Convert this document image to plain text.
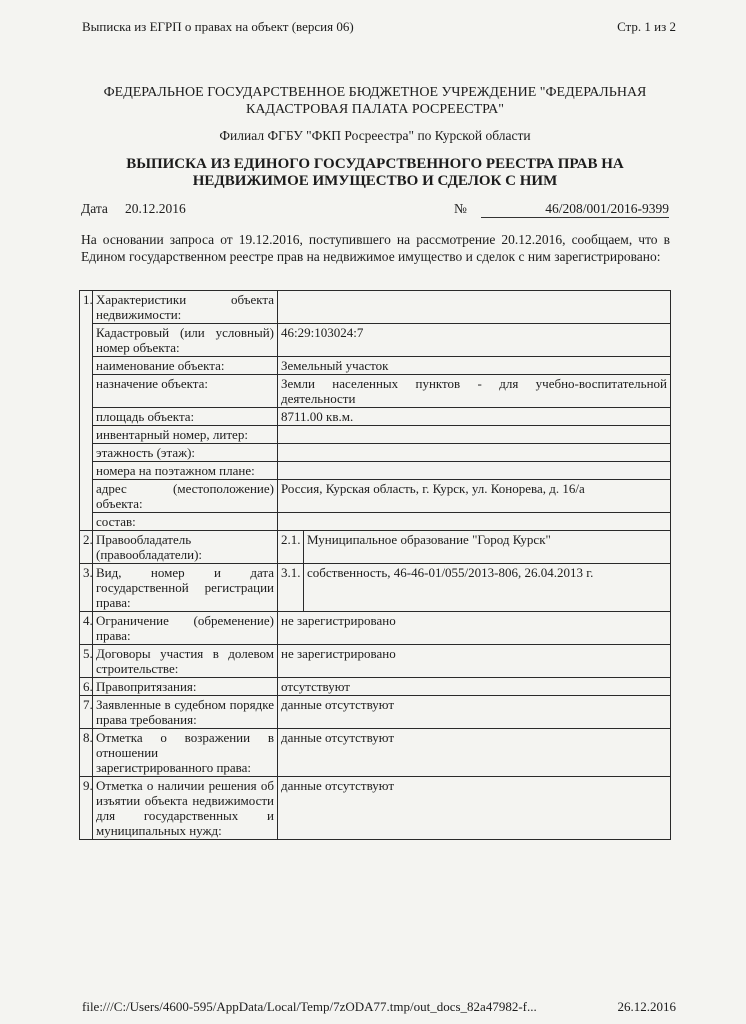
Выписка из ЕГРП о правах на объект (версия 06)	Стр. 1 из 2
ФЕДЕРАЛЬНОЕ ГОСУДАРСТВЕННОЕ БЮДЖЕТНОЕ УЧРЕЖДЕНИЕ "ФЕДЕРАЛЬНАЯ
КАДАСТРОВАЯ ПАЛАТА РОСРЕЕСТРА"
Филиал ФГБУ "ФКП Росреестра" по Курской области
ВЫПИСКА ИЗ ЕДИНОГО ГОСУДАРСТВЕННОГО РЕЕСТРА ПРАВ НА
НЕДВИЖИМОЕ ИМУЩЕСТВО И СДЕЛОК С НИМ
Дата 20.12.2016	№	46/208/001/2016-9399
На основании запроса от 19.12.2016, поступившего на рассмотрение 20.12.2016, сообщаем, что в Едином государственном реестре прав на недвижимое имущество и сделок с ним зарегистрировано:
1.	Характеристики объекта недвижимости:		
	Кадастровый (или условный) номер объекта:	46:29:103024:7	
	наименование объекта:	Земельный участок	
	назначение объекта:	Земли населенных пунктов - для учебно-воспитательной деятельности	
	площадь объекта:	8711.00 кв.м.	
	инвентарный номер, литер:		
	этажность (этаж):		
	номера на поэтажном плане:		
	адрес (местоположение) объекта:	Россия, Курская область, г. Курск, ул. Конорева, д. 16/а	
	состав:		
2.	Правообладатель (правообладатели):	2.1.	Муниципальное образование "Город Курск"
3.	Вид, номер и дата государственной регистрации права:	3.1.	собственность, 46-46-01/055/2013-806, 26.04.2013 г.
4.	Ограничение (обременение) права:	не зарегистрировано	
5.	Договоры участия в долевом строительстве:	не зарегистрировано	
6.	Правопритязания:	отсутствуют	
7.	Заявленные в судебном порядке права требования:	данные отсутствуют	
8.	Отметка о возражении в отношении зарегистрированного права:	данные отсутствуют	
9.	Отметка о наличии решения об изъятии объекта недвижимости для государственных и муниципальных нужд:	данные отсутствуют	
file:///C:/Users/4600-595/AppData/Local/Temp/7zODA77.tmp/out_docs_82a47982-f...	26.12.2016
